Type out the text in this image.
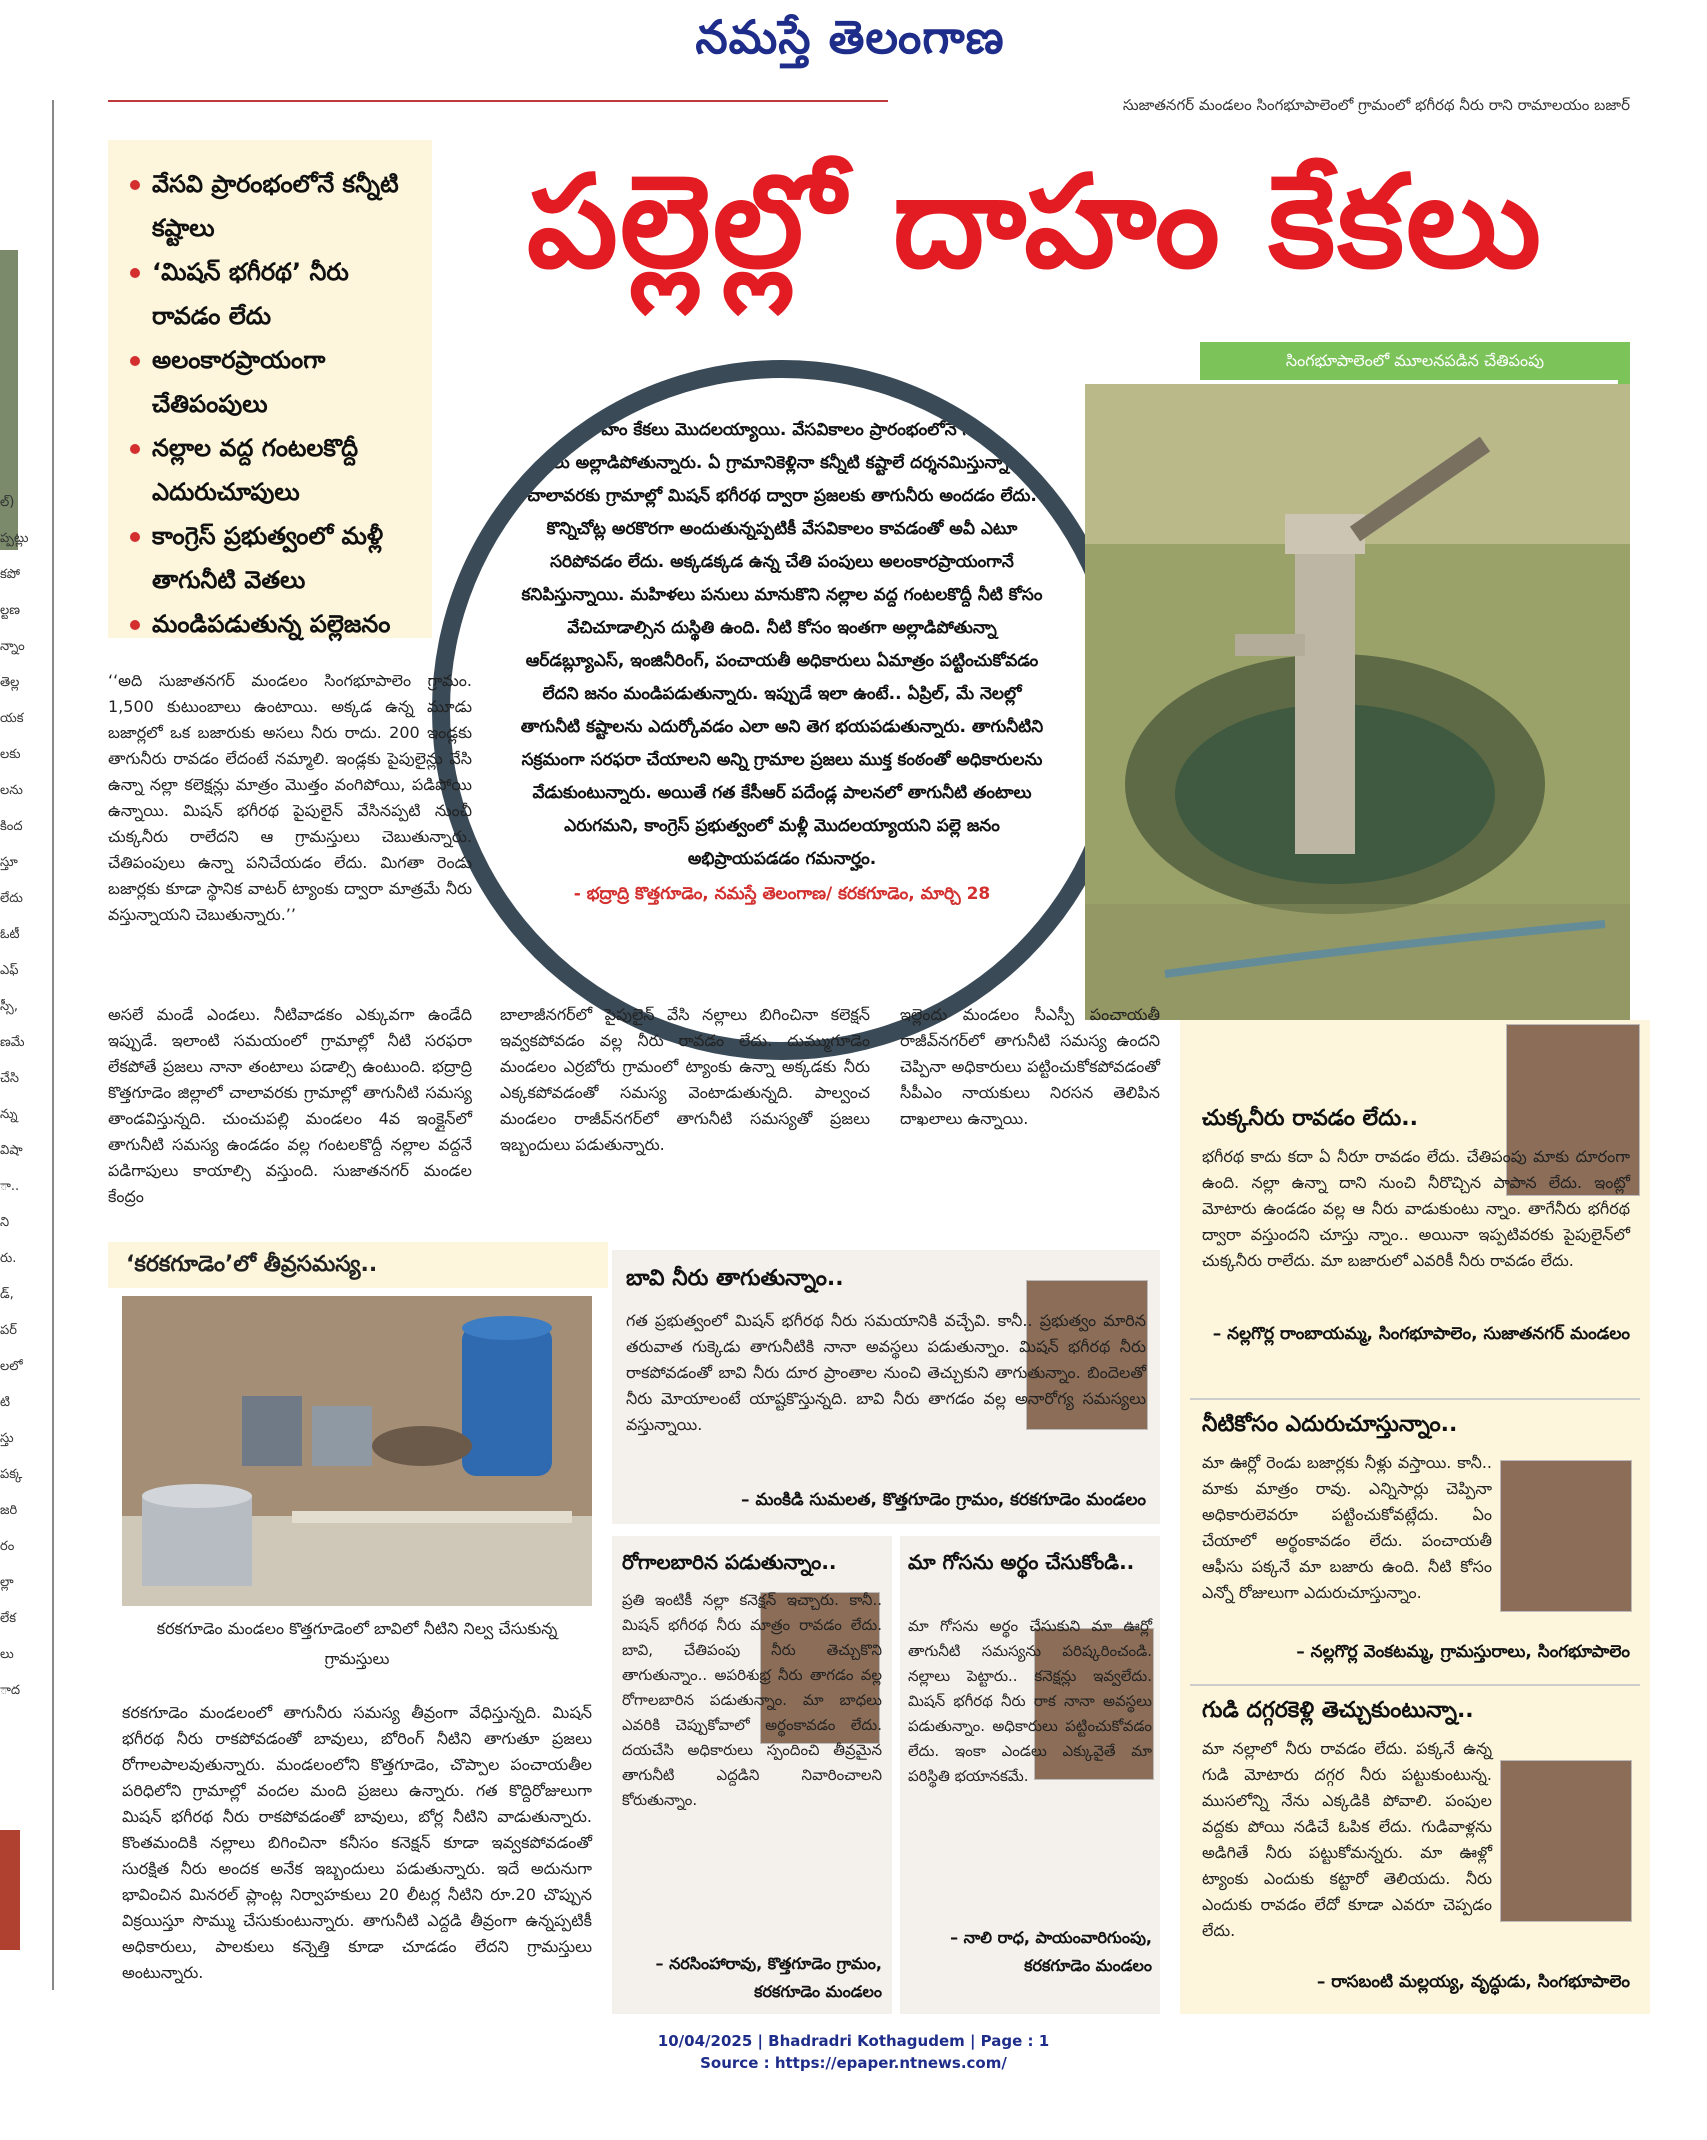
నమస్తే తెలంగాణ
సుజాతనగర్ మండలం సింగభూపాలెంలో గ్రామంలో భగీరథ నీరు రాని రామాలయం బజార్
ల్)
ప్పట్లు
కపో
ల్టణ
న్నాం
తెల్ల
యక
లకు
లను
కింద
స్తూ
లేదు
ఓటీ
ఎఫ్
స్సీ,
ణమే
చేసి
న్ను
విషా
ా..
ని
రు.
డ్,
పర్
లలో
టి
స్తు
పక్క
జరి
రం
ల్లా
లేక
లు
ాద
వేసవి ప్రారంభంలోనే కన్నీటి కష్టాలు
‘మిషన్ భగీరథ’ నీరు రావడం లేదు
అలంకారప్రాయంగా చేతిపంపులు
నల్లాల వద్ద గంటలకొద్దీ ఎదురుచూపులు
కాంగ్రెస్ ప్రభుత్వంలో మళ్లీ తాగునీటి వెతలు
మండిపడుతున్న పల్లెజనం
పల్లెల్లో దాహం కేకలు
పల్లెల్లో దాహం కేకలు మొదలయ్యాయి. వేసవికాలం ప్రారంభంలోనే నీటి కోసం ప్రజలు అల్లాడిపోతున్నారు. ఏ గ్రామానికెళ్లినా కన్నీటి కష్టాలే దర్శనమిస్తున్నాయి. చాలావరకు గ్రామాల్లో మిషన్ భగీరథ ద్వారా ప్రజలకు తాగునీరు అందడం లేదు. కొన్నిచోట్ల అరకొరగా అందుతున్నప్పటికీ వేసవికాలం కావడంతో అవీ ఎటూ సరిపోవడం లేదు. అక్కడక్కడ ఉన్న చేతి పంపులు అలంకారప్రాయంగానే కనిపిస్తున్నాయి. మహిళలు పనులు మానుకొని నల్లాల వద్ద గంటలకొద్దీ నీటి కోసం వేచిచూడాల్సిన దుస్థితి ఉంది. నీటి కోసం ఇంతగా అల్లాడిపోతున్నా ఆర్‌డబ్ల్యూఎస్, ఇంజినీరింగ్, పంచాయతీ అధికారులు ఏమాత్రం పట్టించుకోవడం లేదని జనం మండిపడుతున్నారు. ఇప్పుడే ఇలా ఉంటే.. ఏప్రిల్, మే నెలల్లో తాగునీటి కష్టాలను ఎదుర్కోవడం ఎలా అని తెగ భయపడుతున్నారు. తాగునీటిని సక్రమంగా సరఫరా చేయాలని అన్ని గ్రామాల ప్రజలు ముక్త కంఠంతో అధికారులను వేడుకుంటున్నారు. అయితే గత కేసీఆర్ పదేండ్ల పాలనలో తాగునీటి తంటాలు ఎరుగమని, కాంగ్రెస్ ప్రభుత్వంలో మళ్లీ మొదలయ్యాయని పల్లె జనం అభిప్రాయపడడం గమనార్హం.
- భద్రాద్రి కొత్తగూడెం, నమస్తే తెలంగాణ/ కరకగూడెం, మార్చి 28
సింగభూపాలెంలో మూలనపడిన చేతిపంపు
‘‘అది సుజాతనగర్ మండలం సింగభూపాలెం గ్రామం. 1,500 కుటుంబాలు ఉంటాయి. అక్కడ ఉన్న మూడు బజార్లలో ఒక బజారుకు అసలు నీరు రాదు. 200 ఇండ్లకు తాగునీరు రావడం లేదంటే నమ్మాలి. ఇండ్లకు పైపులైన్లు వేసి ఉన్నా నల్లా కలెక్షన్లు మాత్రం మొత్తం వంగిపోయి, పడిపోయి ఉన్నాయి. మిషన్ భగీరథ పైపులైన్ వేసినప్పటి నుంచీ చుక్కనీరు రాలేదని ఆ గ్రామస్తులు చెబుతున్నారు. చేతిపంపులు ఉన్నా పనిచేయడం లేదు. మిగతా రెండు బజార్లకు కూడా స్థానిక వాటర్ ట్యాంకు ద్వారా మాత్రమే నీరు వస్తున్నాయని చెబుతున్నారు.’’
అసలే మండే ఎండలు. నీటివాడకం ఎక్కువగా ఉండేది ఇప్పుడే. ఇలాంటి సమయంలో గ్రామాల్లో నీటి సరఫరా లేకపోతే ప్రజలు నానా తంటాలు పడాల్సి ఉంటుంది. భద్రాద్రి కొత్తగూడెం జిల్లాలో చాలావరకు గ్రామాల్లో తాగునీటి సమస్య తాండవిస్తున్నది. చుంచుపల్లి మండలం 4వ ఇంక్లైన్‌లో తాగునీటి సమస్య ఉండడం వల్ల గంటలకొద్దీ నల్లాల వద్దనే పడిగాపులు కాయాల్సి వస్తుంది. సుజాతనగర్ మండల కేంద్రం
బాలాజీనగర్‌లో పైపులైన్ వేసి నల్లాలు బిగించినా కలెక్షన్ ఇవ్వకపోవడం వల్ల నీరు రావడం లేదు. దుమ్ముగూడెం మండలం ఎర్రబోరు గ్రామంలో ట్యాంకు ఉన్నా అక్కడకు నీరు ఎక్కకపోవడంతో సమస్య వెంటాడుతున్నది. పాల్వంచ మండలం రాజీవ్‌నగర్‌లో తాగునీటి సమస్యతో ప్రజలు ఇబ్బందులు పడుతున్నారు.
ఇల్లెందు మండలం సీఎస్పీ పంచాయతీ రాజీవ్‌నగర్‌లో తాగునీటి సమస్య ఉందని చెప్పినా అధికారులు పట్టించుకోకపోవడంతో సీపీఎం నాయకులు నిరసన తెలిపిన దాఖలాలు ఉన్నాయి.
‘కరకగూడెం’లో తీవ్రసమస్య..
కరకగూడెం మండలం కొత్తగూడెంలో బావిలో నీటిని నిల్వ చేసుకున్న గ్రామస్తులు
కరకగూడెం మండలంలో తాగునీరు సమస్య తీవ్రంగా వేధిస్తున్నది. మిషన్ భగీరథ నీరు రాకపోవడంతో బావులు, బోరింగ్ నీటిని తాగుతూ ప్రజలు రోగాలపాలవుతున్నారు. మండలంలోని కొత్తగూడెం, చొప్పాల పంచాయతీల పరిధిలోని గ్రామాల్లో వందల మంది ప్రజలు ఉన్నారు. గత కొద్దిరోజులుగా మిషన్ భగీరథ నీరు రాకపోవడంతో బావులు, బోర్ల నీటిని వాడుతున్నారు. కొంతమందికి నల్లాలు బిగించినా కనీసం కనెక్షన్ కూడా ఇవ్వకపోవడంతో సురక్షిత నీరు అందక అనేక ఇబ్బందులు పడుతున్నారు. ఇదే అదునుగా భావించిన మినరల్ ప్లాంట్ల నిర్వాహకులు 20 లీటర్ల నీటిని రూ.20 చొప్పున విక్రయిస్తూ సొమ్ము చేసుకుంటున్నారు. తాగునీటి ఎద్దడి తీవ్రంగా ఉన్నప్పటికీ అధికారులు, పాలకులు కన్నెత్తి కూడా చూడడం లేదని గ్రామస్తులు అంటున్నారు.
బావి నీరు తాగుతున్నాం..
గత ప్రభుత్వంలో మిషన్ భగీరథ నీరు సమయానికి వచ్చేవి. కానీ.. ప్రభుత్వం మారిన తరువాత గుక్కెడు తాగునీటికి నానా అవస్థలు పడుతున్నాం. మిషన్ భగీరథ నీరు రాకపోవడంతో బావి నీరు దూర ప్రాంతాల నుంచి తెచ్చుకుని తాగుతున్నాం. బిందెలతో నీరు మోయాలంటే యాష్టకొస్తున్నది. బావి నీరు తాగడం వల్ల అనారోగ్య సమస్యలు వస్తున్నాయి.
– మంకిడి సుమలత, కొత్తగూడెం గ్రామం, కరకగూడెం మండలం
రోగాలబారిన పడుతున్నాం..
ప్రతి ఇంటికీ నల్లా కనెక్షన్ ఇచ్చారు. కానీ.. మిషన్ భగీరథ నీరు మాత్రం రావడం లేదు. బావి, చేతిపంపు నీరు తెచ్చుకొని తాగుతున్నాం.. అపరిశుభ్ర నీరు తాగడం వల్ల రోగాలబారిన పడుతున్నాం. మా బాధలు ఎవరికి చెప్పుకోవాలో అర్థంకావడం లేదు. దయచేసి అధికారులు స్పందించి తీవ్రమైన తాగునీటి ఎద్దడిని నివారించాలని కోరుతున్నాం.
– నరసింహారావు, కొత్తగూడెం గ్రామం, కరకగూడెం మండలం
మా గోసను అర్థం చేసుకోండి..
మా గోసను అర్థం చేసుకుని మా ఊర్లో తాగునీటి సమస్యను పరిష్కరించండి. నల్లాలు పెట్టారు.. కనెక్షన్లు ఇవ్వలేదు. మిషన్ భగీరథ నీరు రాక నానా అవస్థలు పడుతున్నాం. అధికారులు పట్టించుకోవడం లేదు. ఇంకా ఎండలు ఎక్కువైతే మా పరిస్థితి భయానకమే.
– నాలి రాధ, పాయంవారిగుంపు, కరకగూడెం మండలం
చుక్కనీరు రావడం లేదు..
భగీరథ కాదు కదా ఏ నీరూ రావడం లేదు. చేతిపంపు మాకు దూరంగా ఉంది. నల్లా ఉన్నా దాని నుంచి నీరొచ్చిన పాపాన లేదు. ఇంట్లో మోటారు ఉండడం వల్ల ఆ నీరు వాడుకుంటు న్నాం. తాగేనీరు భగీరథ ద్వారా వస్తుందని చూస్తు న్నాం.. అయినా ఇప్పటివరకు పైపులైన్‌లో చుక్కనీరు రాలేదు. మా బజారులో ఎవరికీ నీరు రావడం లేదు.
– నల్లగొర్ల రాంబాయమ్మ, సింగభూపాలెం, సుజాతనగర్ మండలం
నీటికోసం ఎదురుచూస్తున్నాం..
మా ఊర్లో రెండు బజార్లకు నీళ్లు వస్తాయి. కానీ.. మాకు మాత్రం రావు. ఎన్నిసార్లు చెప్పినా అధికారులెవరూ పట్టించుకోవట్లేదు. ఏం చేయాలో అర్థంకావడం లేదు. పంచాయతీ ఆఫీసు పక్కనే మా బజారు ఉంది. నీటి కోసం ఎన్నో రోజులుగా ఎదురుచూస్తున్నాం.
– నల్లగొర్ల వెంకటమ్మ, గ్రామస్తురాలు, సింగభూపాలెం
గుడి దగ్గరకెళ్లి తెచ్చుకుంటున్నా..
మా నల్లాలో నీరు రావడం లేదు. పక్కనే ఉన్న గుడి మోటారు దగ్గర నీరు పట్టుకుంటున్న. ముసలోన్ని నేను ఎక్కడికి పోవాలి. పంపుల వద్దకు పోయి నడిచే ఓపిక లేదు. గుడివాళ్లను అడిగితే నీరు పట్టుకోమన్నరు. మా ఊళ్లో ట్యాంకు ఎందుకు కట్టారో తెలియదు. నీరు ఎందుకు రావడం లేదో కూడా ఎవరూ చెప్పడం లేదు.
– రాసబంటి మల్లయ్య, వృద్ధుడు, సింగభూపాలెం
10/04/2025 | Bhadradri Kothagudem | Page : 1
Source : https://epaper.ntnews.com/
